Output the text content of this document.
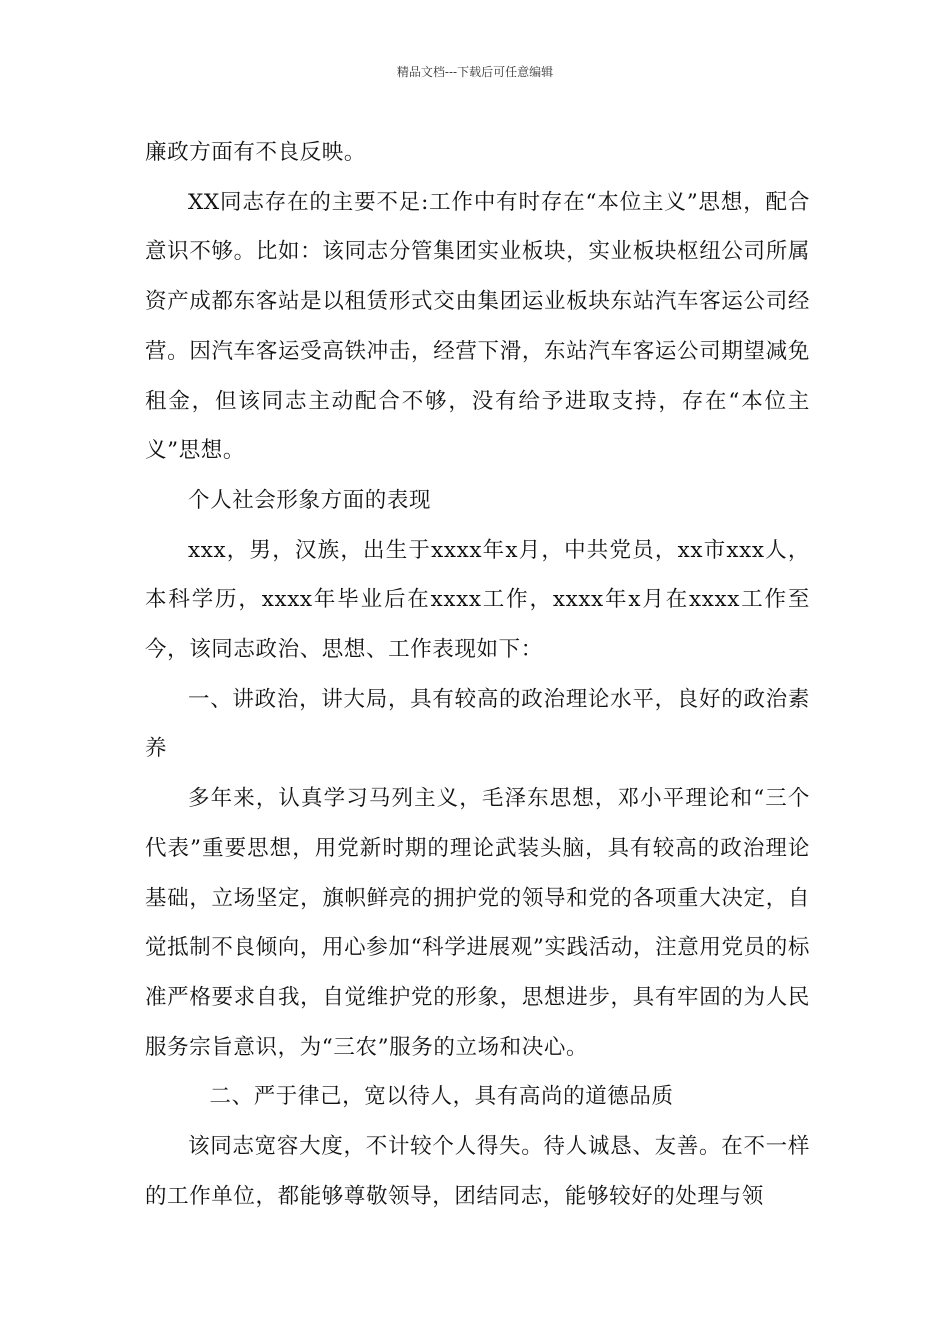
精品文档---下载后可任意编辑

廉政方面有不良反映。

XX同志存在的主要不足:工作中有时存在“本位主义”思想，配合意识不够。比如：该同志分管集团实业板块，实业板块枢纽公司所属资产成都东客站是以租赁形式交由集团运业板块东站汽车客运公司经营。因汽车客运受高铁冲击，经营下滑，东站汽车客运公司期望减免租金，但该同志主动配合不够，没有给予进取支持，存在“本位主义”思想。

个人社会形象方面的表现

xxx，男，汉族，出生于xxxx年x月，中共党员，xx市xxx人，本科学历，xxxx年毕业后在xxxx工作，xxxx年x月在xxxx工作至今，该同志政治、思想、工作表现如下：

一、讲政治，讲大局，具有较高的政治理论水平，良好的政治素养

多年来，认真学习马列主义，毛泽东思想，邓小平理论和“三个代表”重要思想，用党新时期的理论武装头脑，具有较高的政治理论基础，立场坚定，旗帜鲜亮的拥护党的领导和党的各项重大决定，自觉抵制不良倾向，用心参加“科学进展观”实践活动，注意用党员的标准严格要求自我，自觉维护党的形象，思想进步，具有牢固的为人民服务宗旨意识，为“三农”服务的立场和决心。

二、严于律己，宽以待人，具有高尚的道德品质

该同志宽容大度，不计较个人得失。待人诚恳、友善。在不一样的工作单位，都能够尊敬领导，团结同志，能够较好的处理与领
